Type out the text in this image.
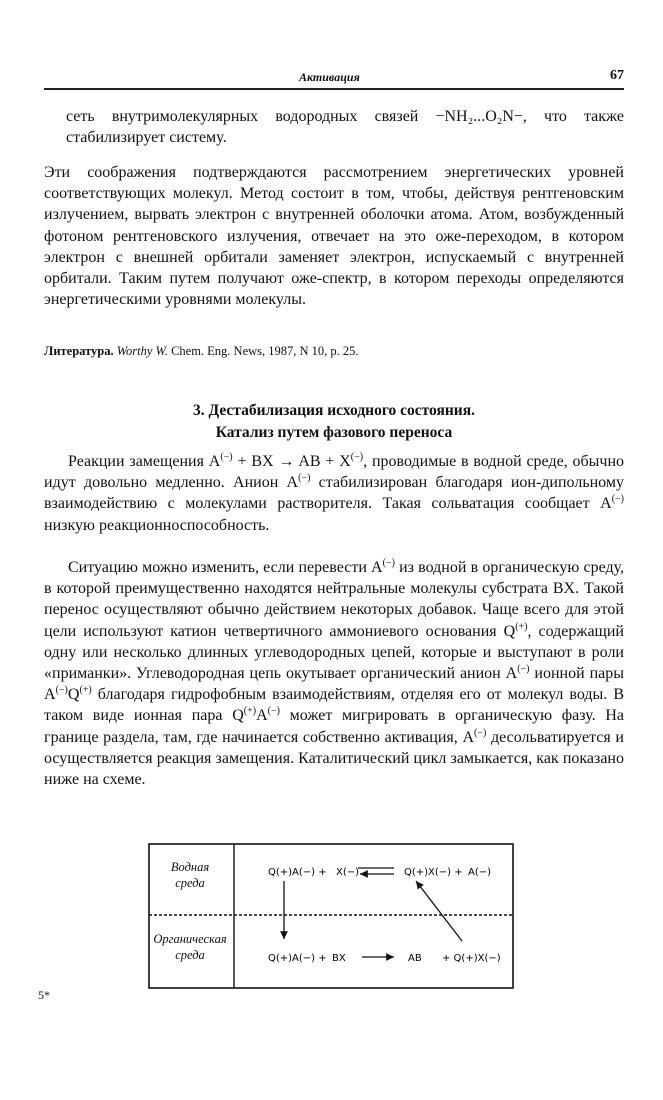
Активация	67

сеть внутримолекулярных водородных связей −NH₂...O₂N−, что также стабилизирует систему.

Эти соображения подтверждаются рассмотрением энергетических уровней соответствующих молекул. Метод состоит в том, чтобы, действуя рентгеновским излучением, вырвать электрон с внутренней оболочки атома. Атом, возбужденный фотоном рентгеновского излучения, отвечает на это оже-переходом, в котором электрон с внешней орбитали заменяет электрон, испускаемый с внутренней орбитали. Таким путем получают оже-спектр, в котором переходы определяются энергетическими уровнями молекулы.

Литература. Worthy W. Chem. Eng. News, 1987, N 10, p. 25.
3. Дестабилизация исходного состояния.
Катализ путем фазового переноса

Реакции замещения A(−) + BX → AB + X(−), проводимые в водной среде, обычно идут довольно медленно. Анион A(−) стабилизирован благодаря ион-дипольному взаимодействию с молекулами растворителя. Такая сольватация сообщает A(−) низкую реакционноспособность.

Ситуацию можно изменить, если перевести A(−) из водной в органическую среду, в которой преимущественно находятся нейтральные молекулы субстрата BX. Такой перенос осуществляют обычно действием некоторых добавок. Чаще всего для этой цели используют катион четвертичного аммониевого основания Q(+), содержащий одну или несколько длинных углеводородных цепей, которые и выступают в роли «приманки». Углеводородная цепь окутывает органический анион A(−) ионной пары A(−)Q(+) благодаря гидрофобным взаимодействиям, отделяя его от молекул воды. В таком виде ионная пара Q(+)A(−) может мигрировать в органическую фазу. На границе раздела, там, где начинается собственно активация, A(−) десольватируется и осуществляется реакция замещения. Каталитический цикл замыкается, как показано ниже на схеме.

Q(+)A(−) + X(−)	Q(+)X(−) + A(−)
Q(+)A(−) + BX	AB + Q(+)X(−)
Водная
среда
Органическая
среда
5*
